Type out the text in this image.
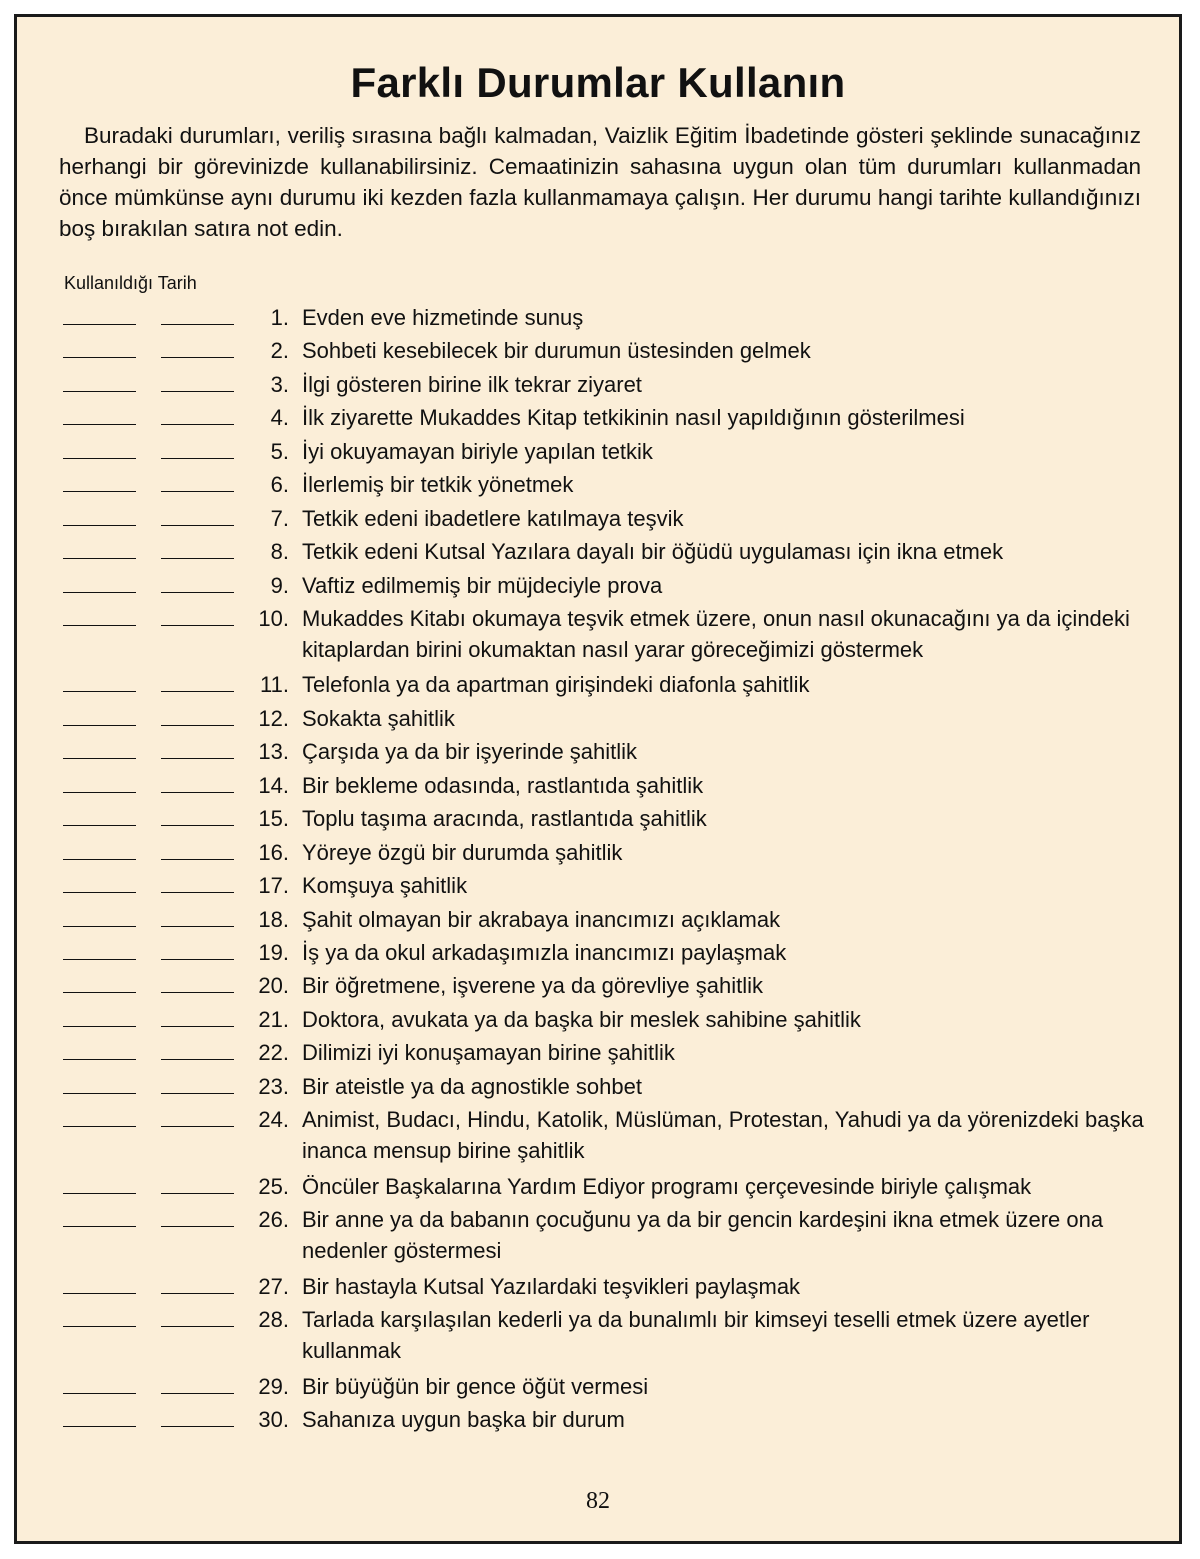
Farklı Durumlar Kullanın
Buradaki durumları, veriliş sırasına bağlı kalmadan, Vaizlik Eğitim İbadetinde gösteri şeklinde sunacağınız herhangi bir görevinizde kullanabilirsiniz. Cemaatinizin sahasına uygun olan tüm durumları kullanmadan önce mümkünse aynı durumu iki kezden fazla kullanmamaya çalışın. Her durumu hangi tarihte kullandığınızı boş bırakılan satıra not edin.
Kullanıldığı Tarih
1. Evden eve hizmetinde sunuş
2. Sohbeti kesebilecek bir durumun üstesinden gelmek
3. İlgi gösteren birine ilk tekrar ziyaret
4. İlk ziyarette Mukaddes Kitap tetkikinin nasıl yapıldığının gösterilmesi
5. İyi okuyamayan biriyle yapılan tetkik
6. İlerlemiş bir tetkik yönetmek
7. Tetkik edeni ibadetlere katılmaya teşvik
8. Tetkik edeni Kutsal Yazılara dayalı bir öğüdü uygulaması için ikna etmek
9. Vaftiz edilmemiş bir müjdeciyle prova
10. Mukaddes Kitabı okumaya teşvik etmek üzere, onun nasıl okunacağını ya da içindeki kitaplardan birini okumaktan nasıl yarar göreceğimizi göstermek
11. Telefonla ya da apartman girişindeki diafonla şahitlik
12. Sokakta şahitlik
13. Çarşıda ya da bir işyerinde şahitlik
14. Bir bekleme odasında, rastlantıda şahitlik
15. Toplu taşıma aracında, rastlantıda şahitlik
16. Yöreye özgü bir durumda şahitlik
17. Komşuya şahitlik
18. Şahit olmayan bir akrabaya inancımızı açıklamak
19. İş ya da okul arkadaşımızla inancımızı paylaşmak
20. Bir öğretmene, işverene ya da görevliye şahitlik
21. Doktora, avukata ya da başka bir meslek sahibine şahitlik
22. Dilimizi iyi konuşamayan birine şahitlik
23. Bir ateistle ya da agnostikle sohbet
24. Animist, Budacı, Hindu, Katolik, Müslüman, Protestan, Yahudi ya da yörenizdeki başka inanca mensup birine şahitlik
25. Öncüler Başkalarına Yardım Ediyor programı çerçevesinde biriyle çalışmak
26. Bir anne ya da babanın çocuğunu ya da bir gencin kardeşini ikna etmek üzere ona nedenler göstermesi
27. Bir hastayla Kutsal Yazılardaki teşvikleri paylaşmak
28. Tarlada karşılaşılan kederli ya da bunalımlı bir kimseyi teselli etmek üzere ayetler kullanmak
29. Bir büyüğün bir gence öğüt vermesi
30. Sahanıza uygun başka bir durum
82
